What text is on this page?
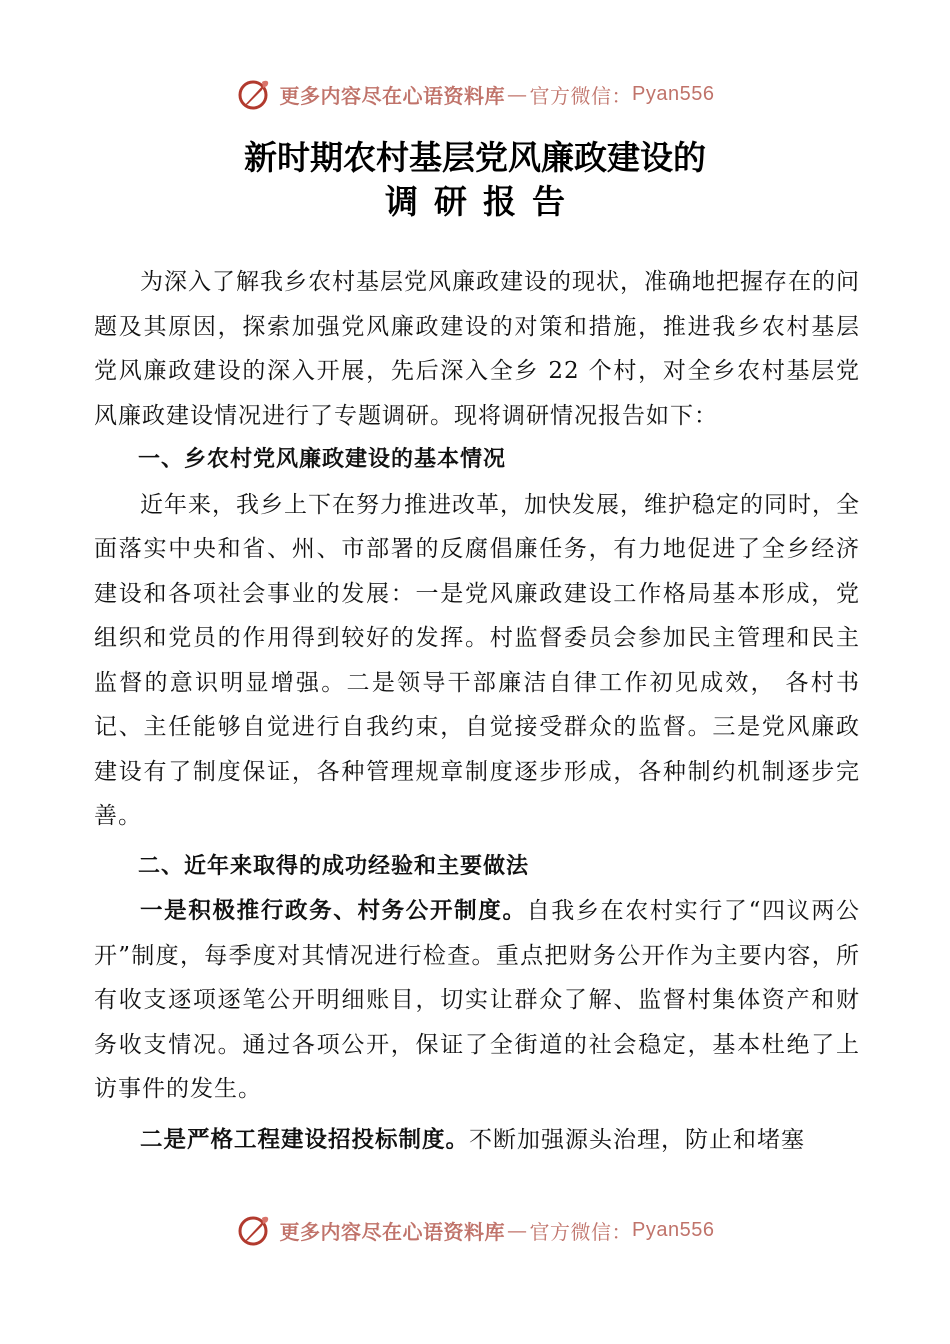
更多内容尽在心语资料库 — 官方微信： Pyan556
新时期农村基层党风廉政建设的
调研报告

为深入了解我乡农村基层党风廉政建设的现状，准确地把握存在的问题及其原因，探索加强党风廉政建设的对策和措施，推进我乡农村基层党风廉政建设的深入开展，先后深入全乡 22 个村，对全乡农村基层党风廉政建设情况进行了专题调研。现将调研情况报告如下：

一、乡农村党风廉政建设的基本情况

近年来，我乡上下在努力推进改革，加快发展，维护稳定的同时，全面落实中央和省、州、市部署的反腐倡廉任务，有力地促进了全乡经济建设和各项社会事业的发展：一是党风廉政建设工作格局基本形成，党组织和党员的作用得到较好的发挥。村监督委员会参加民主管理和民主监督的意识明显增强。二是领导干部廉洁自律工作初见成效， 各村书记、主任能够自觉进行自我约束，自觉接受群众的监督。三是党风廉政建设有了制度保证，各种管理规章制度逐步形成，各种制约机制逐步完善。

二、近年来取得的成功经验和主要做法

一是积极推行政务、村务公开制度。自我乡在农村实行了“四议两公开”制度，每季度对其情况进行检查。重点把财务公开作为主要内容，所有收支逐项逐笔公开明细账目，切实让群众了解、监督村集体资产和财务收支情况。通过各项公开，保证了全街道的社会稳定，基本杜绝了上访事件的发生。

二是严格工程建设招投标制度。不断加强源头治理，防止和堵塞

更多内容尽在心语资料库 — 官方微信： Pyan556
